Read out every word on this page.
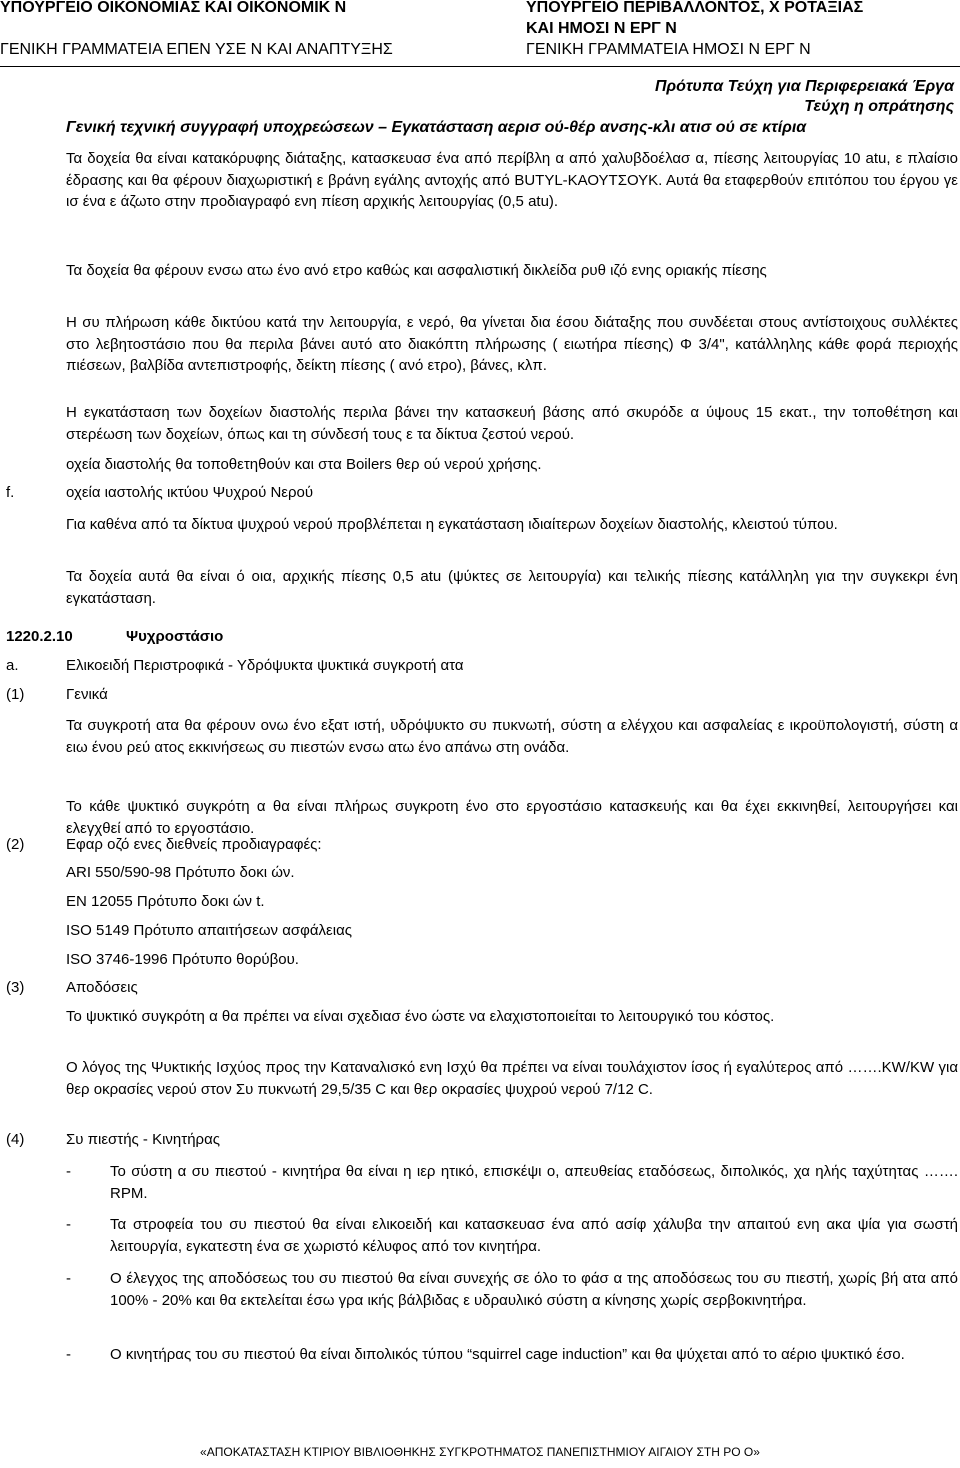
ΥΠΟΥΡΓΕΙΟ ΟΙΚΟΝΟΜΙΑΣ ΚΑΙ ΟΙΚΟΝΟΜΙΚ Ν
ΓΕΝΙΚΗ ΓΡΑΜΜΑΤΕΙΑ ΕΠΕΝ ΥΣΕ Ν ΚΑΙ ΑΝΑΠΤΥΞΗΣ
ΥΠΟΥΡΓΕΙΟ ΠΕΡΙΒΑΛΛΟΝΤΟΣ, Χ ΡΟΤΑΞΙΑΣ
ΚΑΙ ΗΜΟΣΙ Ν ΕΡΓ Ν
ΓΕΝΙΚΗ ΓΡΑΜΜΑΤΕΙΑ ΗΜΟΣΙ Ν ΕΡΓ Ν
Πρότυπα Τεύχη για Περιφερειακά Έργα
Τεύχη η οπράτησης
Γενική τεχνική συγγραφή υποχρεώσεων – Εγκατάσταση αερισ ού-θέρ ανσης-κλι ατισ ού σε κτίρια
Τα δοχεία θα είναι κατακόρυφης διάταξης, κατασκευασ ένα από περίβλη α από χαλυβδοέλασ α, πίεσης λειτουργίας 10 atu, ε πλαίσιο έδρασης και θα φέρουν διαχωριστική ε βράνη εγάλης αντοχής από BUTYL-ΚΑΟΥΤΣΟΥΚ. Αυτά θα εταφερθούν επιτόπου του έργου γε ισ ένα ε άζωτο στην προδιαγραφό ενη πίεση αρχικής λειτουργίας (0,5 atu).
Τα δοχεία θα φέρουν ενσω ατω ένο ανό ετρο καθώς και ασφαλιστική δικλείδα ρυθ ιζό ενης οριακής πίεσης
Η συ πλήρωση κάθε δικτύου κατά την λειτουργία, ε νερό, θα γίνεται δια έσου διάταξης που συνδέεται στους αντίστοιχους συλλέκτες στο λεβητοστάσιο που θα περιλα βάνει αυτό ατο διακόπτη πλήρωσης ( ειωτήρα πίεσης) Φ 3/4", κατάλληλης κάθε φορά περιοχής πιέσεων, βαλβίδα αντεπιστροφής, δείκτη πίεσης ( ανό ετρο), βάνες, κλπ.
Η εγκατάσταση των δοχείων διαστολής περιλα βάνει την κατασκευή βάσης από σκυρόδε α ύψους 15 εκατ., την τοποθέτηση και στερέωση των δοχείων, όπως και τη σύνδεσή τους ε τα δίκτυα ζεστού νερού.
οχεία διαστολής θα τοποθετηθούν και στα Boilers θερ ού νερού χρήσης.
f.	οχεία ιαστολής ικτύου Ψυχρού Νερού
Για καθένα από τα δίκτυα ψυχρού νερού προβλέπεται η εγκατάσταση ιδιαίτερων δοχείων διαστολής, κλειστού τύπου.
Τα δοχεία αυτά θα είναι ό οια, αρχικής πίεσης 0,5 atu (ψύκτες σε λειτουργία) και τελικής πίεσης κατάλληλη για την συγκεκρι ένη εγκατάσταση.
1220.2.10	Ψυχροστάσιο
a.	Ελικοειδή Περιστροφικά - Υδρόψυκτα ψυκτικά συγκροτή ατα
(1)	Γενικά
Τα συγκροτή ατα θα φέρουν ονω ένο εξατ ιστή, υδρόψυκτο συ πυκνωτή, σύστη α ελέγχου και ασφαλείας ε ικροϋπολογιστή, σύστη α ειω ένου ρεύ ατος εκκινήσεως συ πιεστών ενσω ατω ένο απάνω στη ονάδα.
Το κάθε ψυκτικό συγκρότη α θα είναι πλήρως συγκροτη ένο στο εργοστάσιο κατασκευής και θα έχει εκκινηθεί, λειτουργήσει και ελεγχθεί από το εργοστάσιο.
(2)	Εφαρ οζό ενες διεθνείς προδιαγραφές:
ARI 550/590-98 Πρότυπο δοκι ών.
EN 12055 Πρότυπο δοκι ών t.
ISO 5149 Πρότυπο απαιτήσεων ασφάλειας
ISO 3746-1996 Πρότυπο θορύβου.
(3)	Αποδόσεις
Το ψυκτικό συγκρότη α θα πρέπει να είναι σχεδιασ ένο ώστε να ελαχιστοποιείται το λειτουργικό του κόστος.
Ο λόγος της Ψυκτικής Ισχύος προς την Καταναλισκό ενη Ισχύ θα πρέπει να είναι τουλάχιστον ίσος ή εγαλύτερος από …….KW/KW για θερ οκρασίες νερού στον Συ πυκνωτή 29,5/35 C και θερ οκρασίες ψυχρού νερού 7/12 C.
(4)	Συ πιεστής - Κινητήρας
-	Το σύστη α συ πιεστού - κινητήρα θα είναι η ιερ ητικό, επισκέψι ο, απευθείας εταδόσεως, διπολικός, χα ηλής ταχύτητας ……. RPM.
-	Τα στροφεία του συ πιεστού θα είναι ελικοειδή και κατασκευασ ένα από ασίφ χάλυβα την απαιτού ενη ακα ψία για σωστή λειτουργία, εγκατεστη ένα σε χωριστό κέλυφος από τον κινητήρα.
-	Ο έλεγχος της αποδόσεως του συ πιεστού θα είναι συνεχής σε όλο το φάσ α της αποδόσεως του συ πιεστή, χωρίς βή ατα από 100% - 20% και θα εκτελείται έσω γρα ικής βάλβιδας ε υδραυλικό σύστη α κίνησης χωρίς σερβοκινητήρα.
-	Ο κινητήρας του συ πιεστού θα είναι διπολικός τύπου “squirrel cage induction” και θα ψύχεται από το αέριο ψυκτικό έσο.
«ΑΠΟΚΑΤΑΣΤΑΣΗ ΚΤΙΡΙΟΥ ΒΙΒΛΙΟΘΗΚΗΣ ΣΥΓΚΡΟΤΗΜΑΤΟΣ ΠΑΝΕΠΙΣΤΗΜΙΟΥ ΑΙΓΑΙΟΥ ΣΤΗ ΡΟ Ο»
